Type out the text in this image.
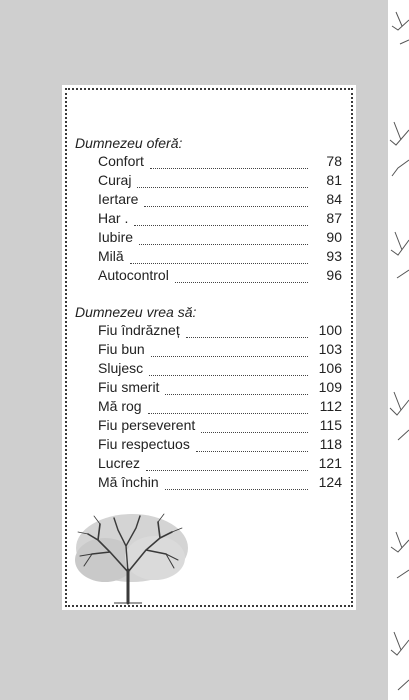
Dumnezeu oferă:
Confort	78
Curaj	81
Iertare	84
Har .	87
Iubire	90
Milă	93
Autocontrol	96
Dumnezeu vrea să:
Fiu îndrăzneț	100
Fiu bun	103
Slujesc	106
Fiu smerit	109
Mă rog	112
Fiu perseverent	115
Fiu respectuos	118
Lucrez	121
Mă închin	124
